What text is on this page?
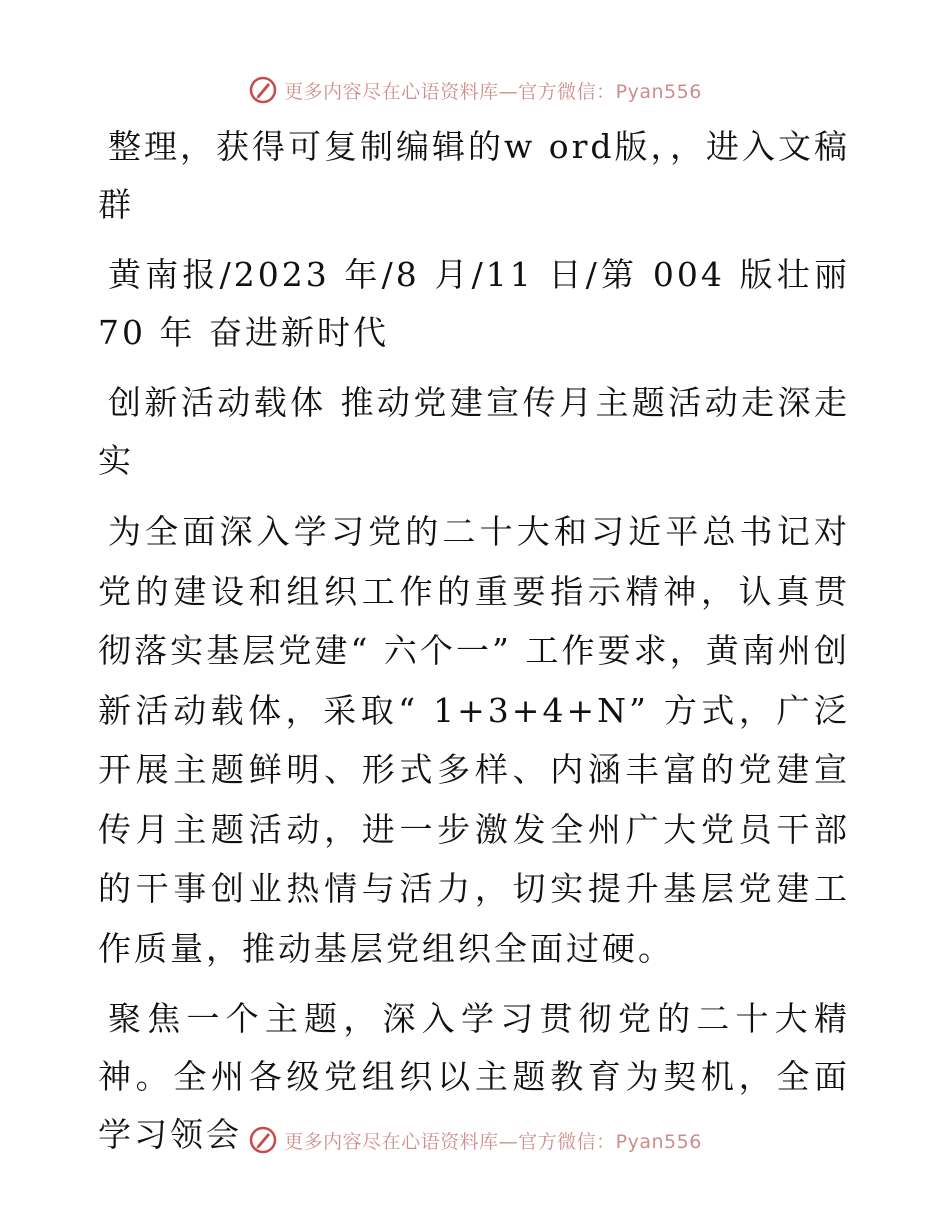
更多内容尽在心语资料库—官方微信：Pyan556

整理，获得可复制编辑的w ord版，，进入文稿群

黄南报/2023 年/8 月/11 日/第 004 版壮丽 70 年 奋进新时代

创新活动载体 推动党建宣传月主题活动走深走实

为全面深入学习党的二十大和习近平总书记对党的建设和组织工作的重要指示精神，认真贯彻落实基层党建“ 六个一” 工作要求，黄南州创新活动载体，采取“ 1+3+4+N” 方式，广泛开展主题鲜明、形式多样、内涵丰富的党建宣传月主题活动，进一步激发全州广大党员干部的干事创业热情与活力，切实提升基层党建工作质量，推动基层党组织全面过硬。

聚焦一个主题，深入学习贯彻党的二十大精神。全州各级党组织以主题教育为契机，全面学习领会	更多内容尽在心语资料库—官方微信：Pyan556
